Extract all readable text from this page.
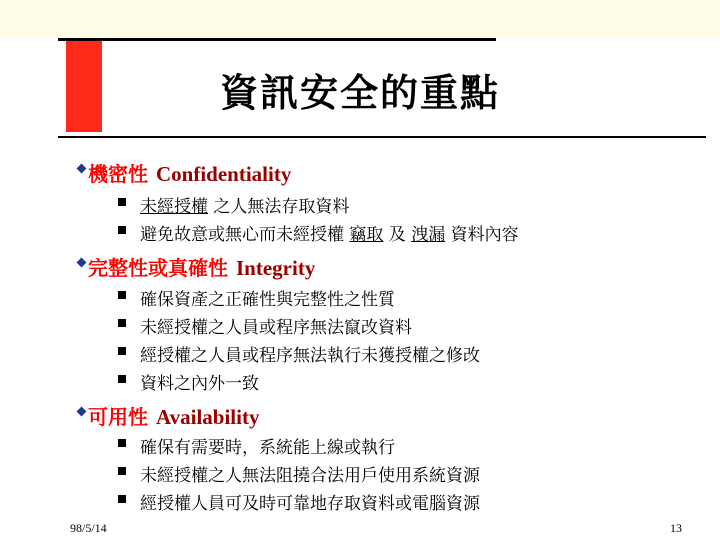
資訊安全的重點
機密性 Confidentiality
未經授權 之人無法存取資料
避免故意或無心而未經授權 竊取 及 洩漏 資料內容
完整性或真確性 Integrity
確保資產之正確性與完整性之性質
未經授權之人員或程序無法竄改資料
經授權之人員或程序無法執行未獲授權之修改
資料之內外一致
可用性 Availability
確保有需要時，系統能上線或執行
未經授權之人無法阻撓合法用戶使用系統資源
經授權人員可及時可靠地存取資料或電腦資源
98/5/14	13
